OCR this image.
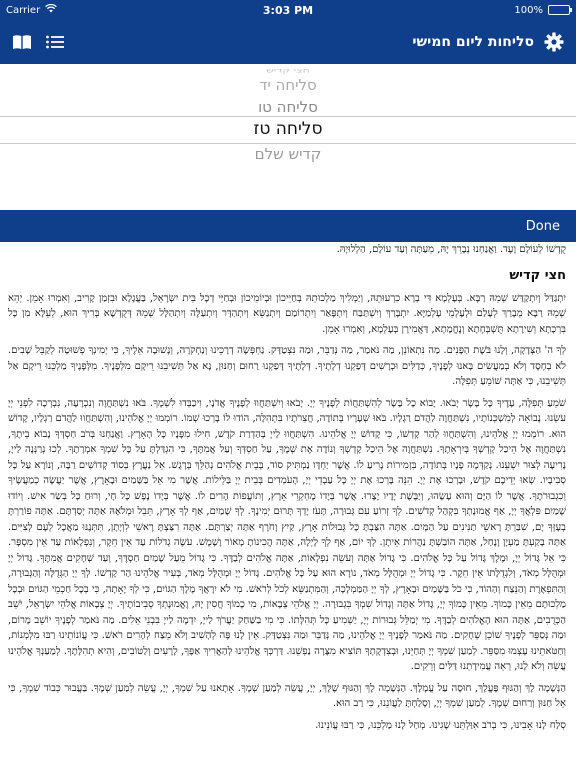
Carrier	3:03 PM	100%
סליחות ליום חמישי
חצי קדיש
סליחה יד
סליחה טו
סליחה טז
קדיש שלם
Done

קֻדְשׁוֹ לְעוֹלָם וָעֶד. וַאֲנַחְנוּ נְבָרֵךְ יָהּ, מֵעַתָּה וְעַד עוֹלָם, הַלְלוּיָהּ.

חצי קדיש

יִתְגַּדַּל וְיִתְקַדַּשׁ שְׁמֵהּ רַבָּא. בְּעָלְמָא דִּי בְרָא כִרְעוּתֵהּ, וְיַמְלִיךְ מַלְכוּתֵהּ בְּחַיֵּיכוֹן וּבְיוֹמֵיכוֹן וּבְחַיֵּי דְכָל בֵּית יִשְׂרָאֵל, בַּעֲגָלָא וּבִזְמַן קָרִיב, וְאִמְרוּ אָמֵן. יְהֵא שְׁמֵהּ רַבָּא מְבָרַךְ לְעָלַם וּלְעָלְמֵי עָלְמַיָּא. יִתְבָּרַךְ וְיִשְׁתַּבַּח וְיִתְפָּאַר וְיִתְרוֹמַם וְיִתְנַשֵּׂא וְיִתְהַדָּר וְיִתְעַלֶּה וְיִתְהַלָּל שְׁמֵהּ דְּקֻדְשָׁא בְּרִיךְ הוּא, לְעֵלָּא מִן כָּל בִּרְכָתָא וְשִׁירָתָא תֻּשְׁבְּחָתָא וְנֶחֱמָתָא, דַּאֲמִירָן בְּעָלְמָא, וְאִמְרוּ אָמֵן.

לְךָ ה' הַצְּדָקָה, וְלָנוּ בֹּשֶׁת הַפָּנִים. מַה נִּתְאוֹנֵן, מַה נֹּאמַר, מַה נְּדַבֵּר, וּמַה נִּצְטַדָּק. נַחְפְּשָׂה דְרָכֵינוּ וְנַחְקֹרָה, וְנָשׁוּבָה אֵלֶיךָ, כִּי יְמִינְךָ פְשׁוּטָה לְקַבֵּל שָׁבִים. לֹא בְחֶסֶד וְלֹא בְמַעֲשִׂים בָּאנוּ לְפָנֶיךָ, כְּדַלִּים וּכְרָשִׁים דָּפַקְנוּ דְלָתֶיךָ. דְּלָתֶיךָ דָּפַקְנוּ רַחוּם וְחַנּוּן, נָא אַל תְּשִׁיבֵנוּ רֵיקָם מִלְּפָנֶיךָ. מִלְּפָנֶיךָ מַלְכֵּנוּ רֵיקָם אַל תְּשִׁיבֵנוּ, כִּי אַתָּה שׁוֹמֵעַ תְּפִלָּה.

שֹׁמֵעַ תְּפִלָּה, עָדֶיךָ כָּל בָּשָׂר יָבֹאוּ. יָבוֹא כָל בָּשָׂר לְהִשְׁתַּחֲוֹת לְפָנֶיךָ יְיָ. יָבֹאוּ וְיִשְׁתַּחֲווּ לְפָנֶיךָ אֲדֹנָי, וִיכַבְּדוּ לִשְׁמֶךָ. בֹּאוּ נִשְׁתַּחֲוֶה וְנִכְרָעָה, נִבְרְכָה לִפְנֵי יְיָ עֹשֵׂנוּ. נָבוֹאָה לְמִשְׁכְּנוֹתָיו, נִשְׁתַּחֲוֶה לַהֲדֹם רַגְלָיו. בֹּאוּ שְׁעָרָיו בְּתוֹדָה, חֲצֵרֹתָיו בִּתְהִלָּה, הוֹדוּ לוֹ בָּרְכוּ שְׁמוֹ. רוֹמְמוּ יְיָ אֱלֹהֵינוּ, וְהִשְׁתַּחֲווּ לַהֲדֹם רַגְלָיו, קָדוֹשׁ הוּא. רוֹמְמוּ יְיָ אֱלֹהֵינוּ, וְהִשְׁתַּחֲווּ לְהַר קָדְשׁוֹ, כִּי קָדוֹשׁ יְיָ אֱלֹהֵינוּ. הִשְׁתַּחֲווּ לַייָ בְּהַדְרַת קֹדֶשׁ, חִילוּ מִפָּנָיו כָּל הָאָרֶץ. וַאֲנַחְנוּ בְּרֹב חַסְדְּךָ נָבוֹא בֵיתֶךָ, נִשְׁתַּחֲוֶה אֶל הֵיכַל קָדְשְׁךָ בְּיִרְאָתֶךָ. נִשְׁתַּחֲוֶה אֶל הֵיכַל קָדְשְׁךָ וְנוֹדֶה אֶת שְׁמֶךָ, עַל חַסְדְּךָ וְעַל אֲמִתֶּךָ, כִּי הִגְדַּלְתָּ עַל כָּל שִׁמְךָ אִמְרָתֶךָ. לְכוּ נְרַנְּנָה לַייָ, נָרִיעָה לְצוּר יִשְׁעֵנוּ. נְקַדְּמָה פָנָיו בְּתוֹדָה, בִּזְמִירוֹת נָרִיעַ לוֹ. אֲשֶׁר יַחְדָּו נַמְתִּיק סוֹד, בְּבֵית אֱלֹהִים נְהַלֵּךְ בְּרָגֶשׁ. אֵל נַעֲרָץ בְּסוֹד קְדוֹשִׁים רַבָּה, וְנוֹרָא עַל כָּל סְבִיבָיו. שְׂאוּ יְדֵיכֶם קֹדֶשׁ, וּבָרְכוּ אֶת יְיָ. הִנֵּה בָּרְכוּ אֶת יְיָ כָּל עַבְדֵי יְיָ, הָעֹמְדִים בְּבֵית יְיָ בַּלֵּילוֹת. אֲשֶׁר מִי אֵל בַּשָּׁמַיִם וּבָאָרֶץ, אֲשֶׁר יַעֲשֶׂה כְמַעֲשֶׂיךָ וְכִגְבוּרֹתֶךָ. אֲשֶׁר לוֹ הַיָּם וְהוּא עָשָׂהוּ, וְיַבֶּשֶׁת יָדָיו יָצָרוּ. אֲשֶׁר בְּיָדוֹ מֶחְקְרֵי אָרֶץ, וְתוֹעֲפוֹת הָרִים לוֹ. אֲשֶׁר בְּיָדוֹ נֶפֶשׁ כָּל חָי, וְרוּחַ כָּל בְּשַׂר אִישׁ. וְיוֹדוּ שָׁמַיִם פִּלְאֲךָ יְיָ, אַף אֱמוּנָתְךָ בִּקְהַל קְדֹשִׁים. לְךָ זְרוֹעַ עִם גְּבוּרָה, תָּעֹז יָדְךָ תָּרוּם יְמִינֶךָ. לְךָ שָׁמַיִם, אַף לְךָ אָרֶץ, תֵּבֵל וּמְלֹאָהּ אַתָּה יְסַדְתָּם. אַתָּה פוֹרַרְתָּ בְעָזְּךָ יָם, שִׁבַּרְתָּ רָאשֵׁי תַנִּינִים עַל הַמָּיִם. אַתָּה הִצַּבְתָּ כָּל גְּבוּלוֹת אָרֶץ, קַיִץ וָחֹרֶף אַתָּה יְצַרְתָּם. אַתָּה רִצַּצְתָּ רָאשֵׁי לִוְיָתָן, תִּתְּנֶנּוּ מַאֲכָל לְעָם לְצִיִּים. אַתָּה בָקַעְתָּ מַעְיָן וָנָחַל, אַתָּה הוֹבַשְׁתָּ נַהֲרוֹת אֵיתָן. לְךָ יוֹם, אַף לְךָ לָיְלָה, אַתָּה הֲכִינוֹתָ מָאוֹר וָשָׁמֶשׁ. עֹשֶׂה גְדֹלוֹת עַד אֵין חֵקֶר, וְנִפְלָאוֹת עַד אֵין מִסְפָּר. כִּי אֵל גָּדוֹל יְיָ, וּמֶלֶךְ גָּדוֹל עַל כָּל אֱלֹהִים. כִּי גָדוֹל אַתָּה וְעֹשֵׂה נִפְלָאוֹת, אַתָּה אֱלֹהִים לְבַדֶּךָ. כִּי גָדוֹל מֵעַל שָׁמַיִם חַסְדֶּךָ, וְעַד שְׁחָקִים אֲמִתֶּךָ. גָּדוֹל יְיָ וּמְהֻלָּל מְאֹד, וְלִגְדֻלָּתוֹ אֵין חֵקֶר. כִּי גָדוֹל יְיָ וּמְהֻלָּל מְאֹד, נוֹרָא הוּא עַל כָּל אֱלֹהִים. גָּדוֹל יְיָ וּמְהֻלָּל מְאֹד, בְּעִיר אֱלֹהֵינוּ הַר קָדְשׁוֹ. לְךָ יְיָ הַגְּדֻלָּה וְהַגְּבוּרָה, וְהַתִּפְאֶרֶת וְהַנֵּצַח וְהַהוֹד, כִּי כֹל בַּשָּׁמַיִם וּבָאָרֶץ, לְךָ יְיָ הַמַּמְלָכָה, וְהַמִּתְנַשֵּׂא לְכֹל לְרֹאשׁ. מִי לֹא יִרָאֲךָ מֶלֶךְ הַגּוֹיִם, כִּי לְךָ יָאָתָה, כִּי בְכָל חַכְמֵי הַגּוֹיִם וּבְכָל מַלְכוּתָם מֵאֵין כָּמוֹךָ. מֵאֵין כָּמוֹךָ יְיָ, גָּדוֹל אַתָּה וְגָדוֹל שִׁמְךָ בִּגְבוּרָה. יְיָ אֱלֹהֵי צְבָאוֹת, מִי כָמוֹךָ חֲסִין יָהּ, וֶאֱמוּנָתְךָ סְבִיבוֹתֶיךָ. יְיָ צְבָאוֹת אֱלֹהֵי יִשְׂרָאֵל, יֹשֵׁב הַכְּרֻבִים, אַתָּה הוּא הָאֱלֹהִים לְבַדֶּךָ. מִי יְמַלֵּל גְּבוּרוֹת יְיָ, יַשְׁמִיעַ כָּל תְּהִלָּתוֹ. כִּי מִי בַשַּׁחַק יַעֲרֹךְ לַייָ, יִדְמֶה לַייָ בִּבְנֵי אֵלִים. מַה נֹּאמַר לְפָנֶיךָ יוֹשֵׁב מָרוֹם, וּמַה נְּסַפֵּר לְפָנֶיךָ שׁוֹכֵן שְׁחָקִים. מַה נֹּאמַר לְפָנֶיךָ יְיָ אֱלֹהֵינוּ, מַה נְּדַבֵּר וּמַה נִּצְטַדָּק. אֵין לָנוּ פֶּה לְהָשִׁיב וְלֹא מֵצַח לְהָרִים רֹאשׁ. כִּי עֲוֹנוֹתֵינוּ רַבּוּ מִלְּמְנוֹת, וְחַטֹּאתֵינוּ עָצְמוּ מִסַּפֵּר. לְמַעַן שִׁמְךָ יְיָ תְּחַיֵּנוּ, וּבְצִדְקָתְךָ תּוֹצִיא מִצָּרָה נַפְשֵׁנוּ. דַּרְכְּךָ אֱלֹהֵינוּ לְהַאֲרִיךְ אַפֶּךָ, לָרָעִים וְלַטּוֹבִים, וְהִיא תְהִלָּתֶךָ. לְמַעַנְךָ אֱלֹהֵינוּ עֲשֵׂה וְלֹא לָנוּ, רְאֵה עֲמִידָתֵנוּ דַּלִּים וְרֵקִים.

הַנְּשָׁמָה לָךְ וְהַגּוּף פָּעֳלָךְ, חוּסָה עַל עֲמָלָךְ. הַנְּשָׁמָה לָךְ וְהַגּוּף שֶׁלָּךְ, יְיָ, עֲשֵׂה לְמַעַן שְׁמֶךָ. אָתָאנוּ עַל שִׁמְךָ, יְיָ, עֲשֵׂה לְמַעַן שְׁמֶךָ. בַּעֲבוּר כְּבוֹד שִׁמְךָ, כִּי אֵל חַנּוּן וְרַחוּם שְׁמֶךָ. לְמַעַן שִׁמְךָ יְיָ, וְסָלַחְתָּ לַעֲוֹנֵנוּ, כִּי רַב הוּא.

סְלַח לָנוּ אָבִינוּ, כִּי בְרֹב אִוַּלְתֵּנוּ שָׁגִינוּ. מְחַל לָנוּ מַלְכֵּנוּ, כִּי רַבּוּ עֲוֹנֵינוּ.
